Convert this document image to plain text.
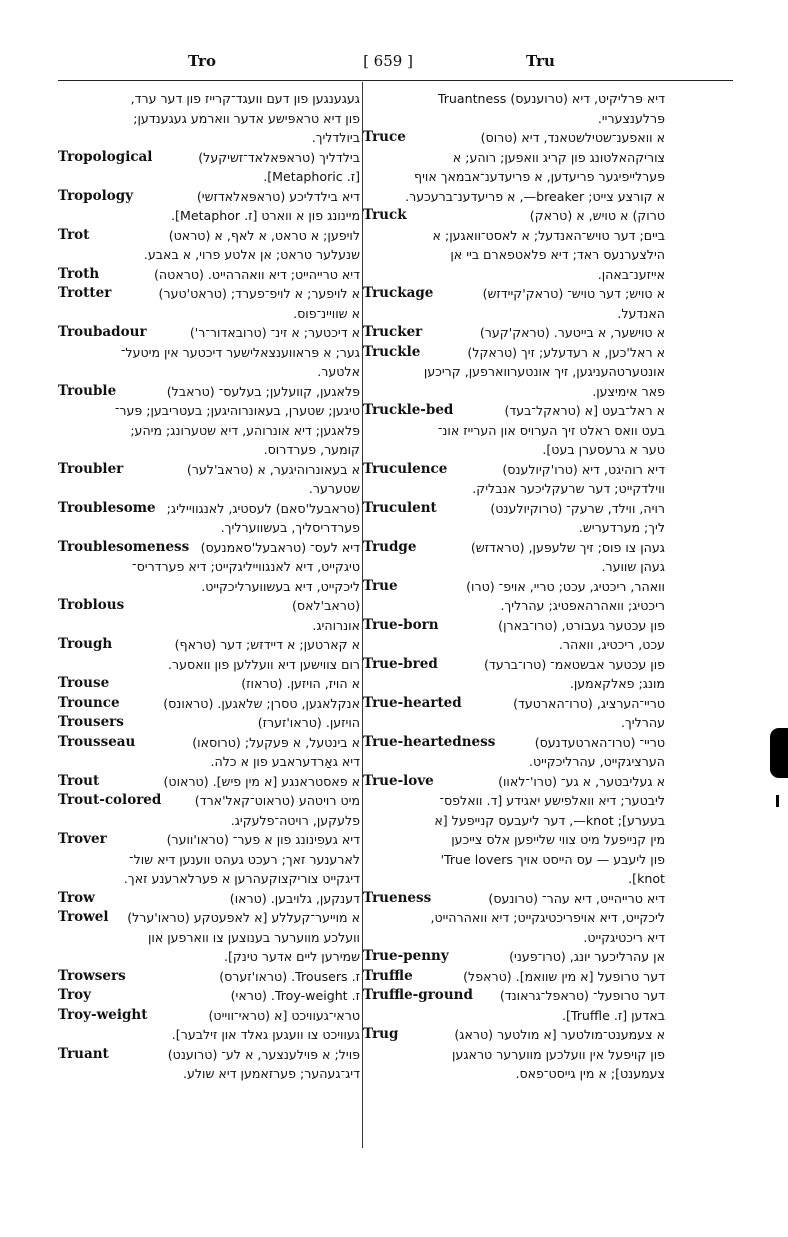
Tro	[ 659 ]	Tru
געגענגען פון דעם וועגד־קרייז פון דער ערד,
פון דיא טראפּישע אדער ווארמע געגענדען;
ביולדליך.
Tropological	בילדליך (טראפּאלאד־זשיקעל)
[ז. Metaphoric].
Tropology	דיא בילדליכע (טראפּאלאדזשי)
מיינונג פון א ווארט [ז. Metaphor].
Trot	לויפען; א טראט, א לאף, א (טראט)
שנעלער טראט; אן אלטע פרוי, א באבע.
Troth	דיא טרייהייט; דיא וואהרהייט. (טראטה)
Trotter	א לויפער; א לויפ־פערד; (טראט'טער)
א שוויינ־פוס.
Troubadour	א דיכטער; א זינ־ (טרובאדור־ר')
גער; א פּראווענצאלישער דיכטער אין מיטעל־
אלטער.
Trouble	פּלאגען, קוועלען; בעלעס־ (טראבל)
טיגען; שטערן, בעאונרוהיגען; בעטריבען; פּער־
פּלאגען; דיא אונרוהע, דיא שטערונג; מיהע;
קומער, פערדרוס.
Troubler	א בעאונרוהיגער, א (טראב'לער)
שטערער.
Troublesome (טראבעל'סאם) לעסטיג, לאנגווייליג;
פערדריסליך, בעשווערליך.
Troublesomeness דיא לעס־ (טראבעל'סאמנעס)
טיגקייט, דיא לאנגווייליגקייט; דיא פערדריס־
ליכקייט, דיא בעשווערליכקייט.
Troblous	(טראב'לאס)
אונרוהיג.
Trough	א קארטען; א דיידזש; דער (טראף)
רום צווישען דיא וועללען פון וואסער.
Trouse	א הויז, הויזען. (טראוז)
Trounce	אנקלאגען, טסרן; שלאגען. (טראונס)
Trousers	הויזען. (טראו'זערז)
Trousseau	א בינטעל, א פּעקעל; (טרוסאו)
דיא גאַרדעראבע פון א כלה.
Trout	א פאסטראנגע [א מין פיש]. (טראוט)
Trout-colored	מיט רויטהע (טראוט־קאל'ארד)
פלעקען, רויטה־פלעקיג.
Trover	דיא געפינונג פון א פער־ (טראו'ווער)
לארענער זאך; רעכט געהט ווענען דיא שול־
דיגקייט צוריקצוקעהרען א פערלארענע זאך.
Trow	דענקען, גלויבען. (טראו)
Trowel	א מוייער־קעללע [א לאפעטקע (טראו'ערל)
וועלכע מווערער בענוצען צו ווארפען און
שמירען ליים אדער טינק].
Trowsers	ז. Trousers. (טראו'זערס)
Troy	ז. Troy-weight. (טראי)
Troy-weight	טראי־געוויכט [א (טראי־ווייט)
געוויכט צו וועגען גאלד און זילבער].
Truant	פּויל; א פּוילענצער, א לע־ (טרוענט)
דיג־געהער; פערזאמען דיא שולע.
דיא פּרליקיט, דיא (טרוענעס) Truantness
פּרלענצעריי.
Truce	א וואפענ־שטילשטאנד, דיא (טרוס)
צוריקהאלטונג פון קריג וואפען; רוהע; א
פּערלייפיגער פריעדען, א פריעדענ־אבמאך אויף
א קורצע צייט; breaker—, א פריעדענ־ברעכער.
Truck	טרוק) א טויש, א (טראק)
ביים; דער טויש־האנדעל; א לאסט־וואגען; א
הילצערנעס ראד; דיא פלאטפארם ביי אן
אייזענ־באהן.
Truckage	א טויש; דער טויש־ (טראק'קיידזש)
האנדעל.
Trucker	א טוישער, א בייטער. (טראק'קער)
Truckle	א ראל'כען, א רעדעלע; זיך (טראקל)
אונטערטהעניגען, זיך אונטערווארפען, קריכען
פאר אימיצען.
Truckle-bed	א ראל־בעט [א (טראקל־בעד)
בעט וואס ראלט זיך הערויס און הערייז אונ־
טער א גרעסערן בעט].
Truculence	דיא רוהיגט, דיא (טרו'קיולענס)
ווילדקייט; דער שרעקליכער אנבליק.
Truculent	רויה, ווילד, שרעק־ (טרוקיולענט)
ליך; מערדעריש.
Trudge	געהן צו פוס; זיך שלעפּען, (טראדזש)
געהן שווער.
True	וואהר, ריכטיג, עכט; טריי, אויפ־ (טרו)
ריכטיג; וואהרהאפטיג; עהרליך.
True-born	פון עכטער געבורט, (טרו־בארן)
עכט, ריכטיג, וואהר.
True-bred	פון עכטער אבשטאמ־ (טרו־ברעד)
מונג; פאלקאמען.
True-hearted	טריי־הערציג, (טרו־הארטעד)
עהרליך.
True-heartedness	טריי־ (טרו־הארטעדנעס)
הערציגקייט, עהרליכקייט.
True-love	א געליבטער, א גע־ (טרו'־לאוו)
ליבטער; דיא וואלפישע יאגידע [ד. וואלפס־
בעערע]; knot—, דער ליעבעס קנייפעל [א
מין קנייפעל מיט צווי שלייפען אלס צייכען
פון ליעבע — עס הייסט אויך True lovers'
knot].
Trueness	דיא טרייהייט, דיא עהר־ (טרונעס)
ליכקייט, דיא אויפריכטיגקייט; דיא וואהרהייט,
דיא ריכטיגקייט.
True-penny	אן עהרליכער יונג, (טרו־פעני)
Truffle	דער טרופעל [א מין שוואמ]. (טראפל)
Truffle-ground	דער טרופעל־ (טראפל־גראונד)
באדען [ז. Truffle].
Trug	א צעמענט־מולטער [א מולטער (טראג)
פון קויפעל אין וועלכען מווערער טראגען
צעמענט]; א מין גייסט־פאס.
